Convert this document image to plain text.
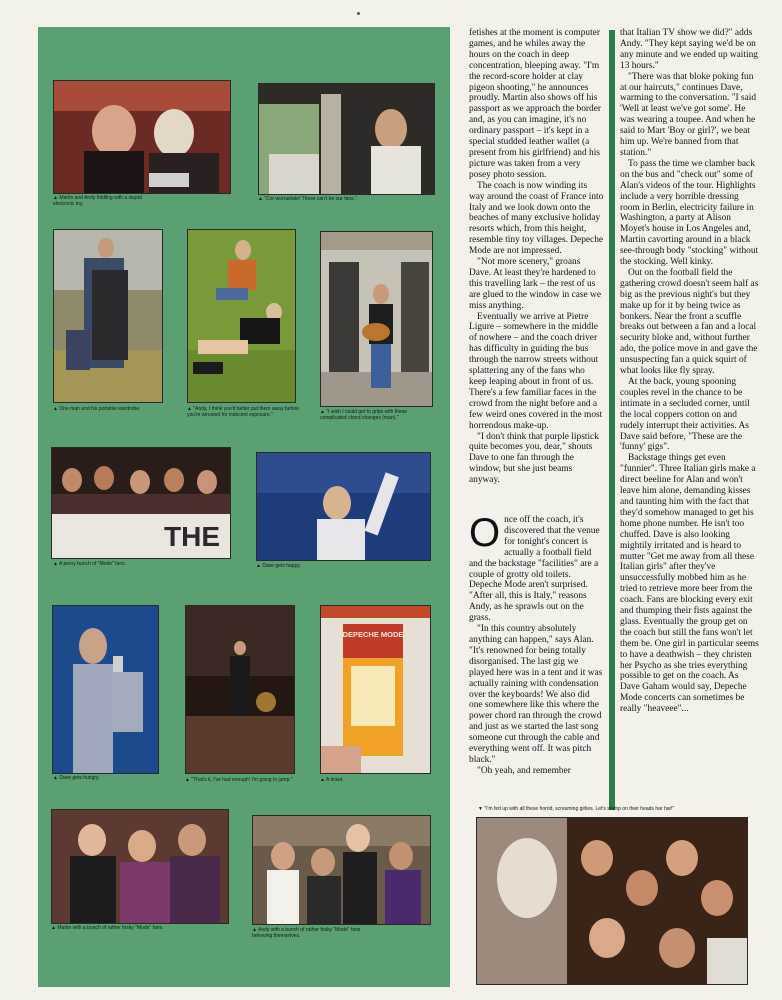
▲ Martin and Andy fiddling with a stupid electronic toy.
▲ "Cor worrastate! These can't be our fans."
▲ One man and his portable wardrobe.	▲ "Andy, I think you'd better put them away before you're arrested for indecent exposure."	▲ "I wish I could get to grips with these complicated chord changes (man)."
THE
▲ A pervy bunch of "Mode" fans.	▲ Dave gets happy.
▲ Dave gets hungry.	▲ "That's it, I've had enough! I'm going to jump."
DEPECHE MODE
▲ A ticket.
▲ Martin with a bunch of rather frisky "Mode" fans.	▲ Andy with a bunch of rather frisky "Mode" fans behaving themselves.

fetishes at the moment is computer games, and he whiles away the hours on the coach in deep concentration, bleeping away. "I'm the record-score holder at clay pigeon shooting," he announces proudly. Martin also shows off his passport as we approach the border and, as you can imagine, it's no ordinary passport – it's kept in a special studded leather wallet (a present from his girlfriend) and his picture was taken from a very posey photo session.

The coach is now winding its way around the coast of France into Italy and we look down onto the beaches of many exclusive holiday resorts which, from this height, resemble tiny toy villages. Depeche Mode are not impressed.

"Not more scenery," groans Dave. At least they're hardened to this travelling lark – the rest of us are glued to the window in case we miss anything.

Eventually we arrive at Pietre Ligure – somewhere in the middle of nowhere – and the coach driver has difficulty in guiding the bus through the narrow streets without splattering any of the fans who keep leaping about in front of us. There's a few familiar faces in the crowd from the night before and a few weird ones covered in the most horrendous make-up.

"I don't think that purple lipstick quite becomes you, dear," shouts Dave to one fan through the window, but she just beams anyway.

Once off the coach, it's discovered that the venue for tonight's concert is actually a football field and the backstage "facilities" are a couple of grotty old toilets. Depeche Mode aren't surprised. "After all, this is Italy," reasons Andy, as he sprawls out on the grass.

"In this country absolutely anything can happen," says Alan. "It's renowned for being totally disorganised. The last gig we played here was in a tent and it was actually raining with condensation over the keyboards! We also did one somewhere like this where the power chord ran through the crowd and just as we started the last song someone cut through the cable and everything went off. It was pitch black."

"Oh yeah, and remember

that Italian TV show we did?" adds Andy. "They kept saying we'd be on any minute and we ended up waiting 13 hours."

"There was that bloke poking fun at our haircuts," continues Dave, warming to the conversation. "I said 'Well at least we've got some'. He was wearing a toupee. And when he said to Mart 'Boy or girl?', we beat him up. We're banned from that station."

To pass the time we clamber back on the bus and "check out" some of Alan's videos of the tour. Highlights include a very horrible dressing room in Berlin, electricity failure in Washington, a party at Alison Moyet's house in Los Angeles and, Martin cavorting around in a black see-through body "stocking" without the stocking. Well kinky.

Out on the football field the gathering crowd doesn't seem half as big as the previous night's but they make up for it by being twice as bonkers. Near the front a scuffle breaks out between a fan and a local security bloke and, without further ado, the police move in and gave the unsuspecting fan a quick squirt of what looks like fly spray.

At the back, young spooning couples revel in the chance to be intimate in a secluded corner, until the local coppers cotton on and rudely interrupt their activities. As Dave said before, "These are the 'funny' gigs".

Backstage things get even "funnier". Three Italian girls make a direct beeline for Alan and won't leave him alone, demanding kisses and taunting him with the fact that they'd somehow managed to get his home phone number. He isn't too chuffed. Dave is also looking mightily irritated and is heard to mutter "Get me away from all these Italian girls" after they've unsuccessfully mobbed him as he tried to retrieve more beer from the coach. Fans are blocking every exit and thumping their fists against the glass. Eventually the group get on the coach but still the fans won't let them be. One girl in particular seems to have a deathwish – they christen her Psycho as she tries everything possible to get on the coach. As Dave Gaham would say, Depeche Mode concerts can sometimes be really "heaveee"...

▼ "I'm fed up with all these horrid, screaming girlies. Let's stamp on their heads har har!"
